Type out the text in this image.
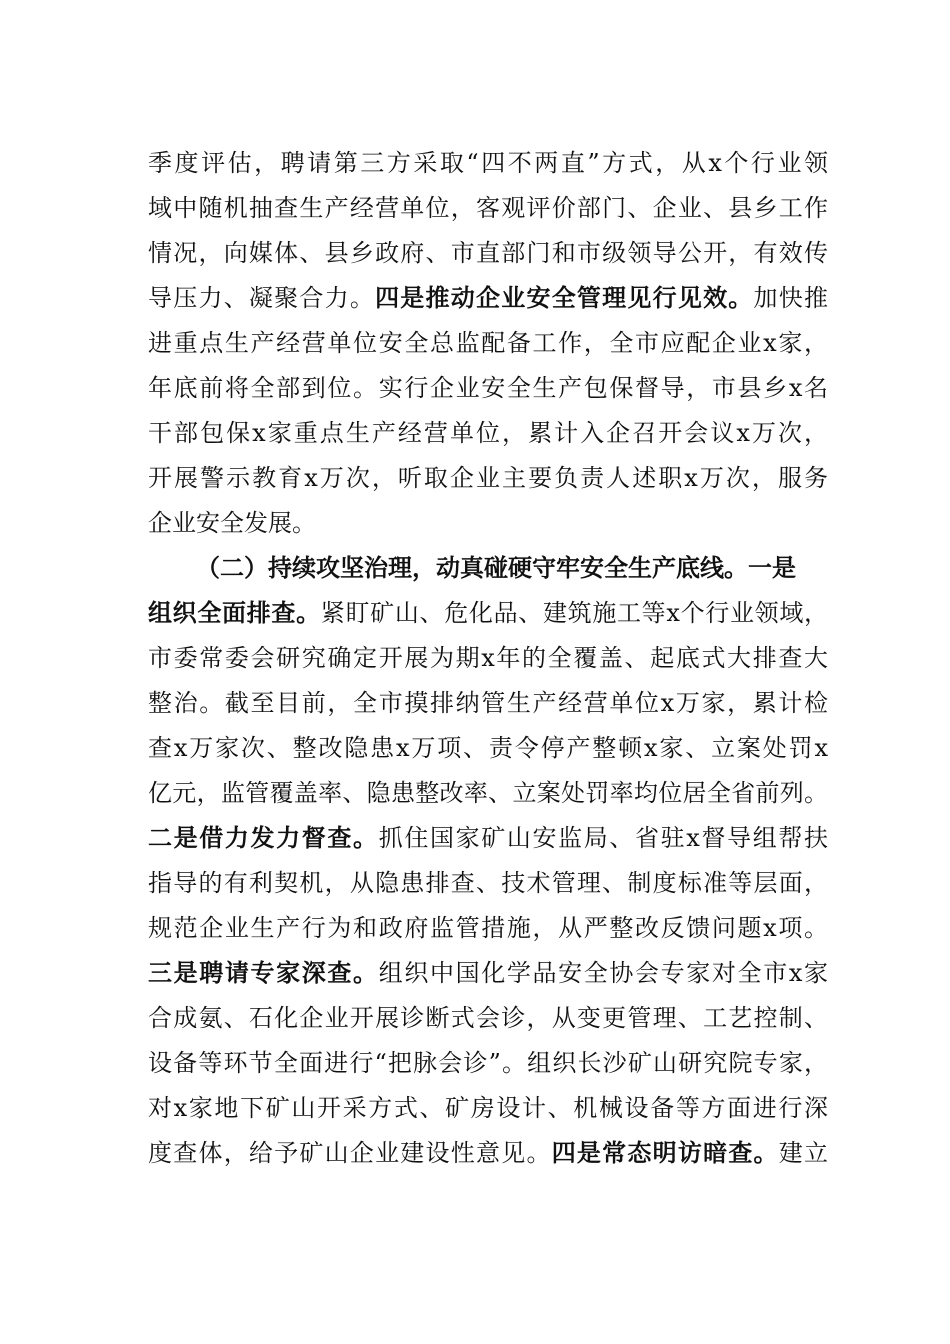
季度评估，聘请第三方采取“四不两直”方式，从x个行业领
域中随机抽查生产经营单位，客观评价部门、企业、县乡工作
情况，向媒体、县乡政府、市直部门和市级领导公开，有效传
导压力、凝聚合力。四是推动企业安全管理见行见效。加快推
进重点生产经营单位安全总监配备工作，全市应配企业x家，
年底前将全部到位。实行企业安全生产包保督导，市县乡x名
干部包保x家重点生产经营单位，累计入企召开会议x万次，
开展警示教育x万次，听取企业主要负责人述职x万次，服务
企业安全发展。
（二）持续攻坚治理，动真碰硬守牢安全生产底线。一是
组织全面排查。紧盯矿山、危化品、建筑施工等x个行业领域，
市委常委会研究确定开展为期x年的全覆盖、起底式大排查大
整治。截至目前，全市摸排纳管生产经营单位x万家，累计检
查x万家次、整改隐患x万项、责令停产整顿x家、立案处罚x
亿元，监管覆盖率、隐患整改率、立案处罚率均位居全省前列。
二是借力发力督查。抓住国家矿山安监局、省驻x督导组帮扶
指导的有利契机，从隐患排查、技术管理、制度标准等层面，
规范企业生产行为和政府监管措施，从严整改反馈问题x项。
三是聘请专家深查。组织中国化学品安全协会专家对全市x家
合成氨、石化企业开展诊断式会诊，从变更管理、工艺控制、
设备等环节全面进行“把脉会诊”。组织长沙矿山研究院专家，
对x家地下矿山开采方式、矿房设计、机械设备等方面进行深
度查体，给予矿山企业建设性意见。四是常态明访暗查。建立
